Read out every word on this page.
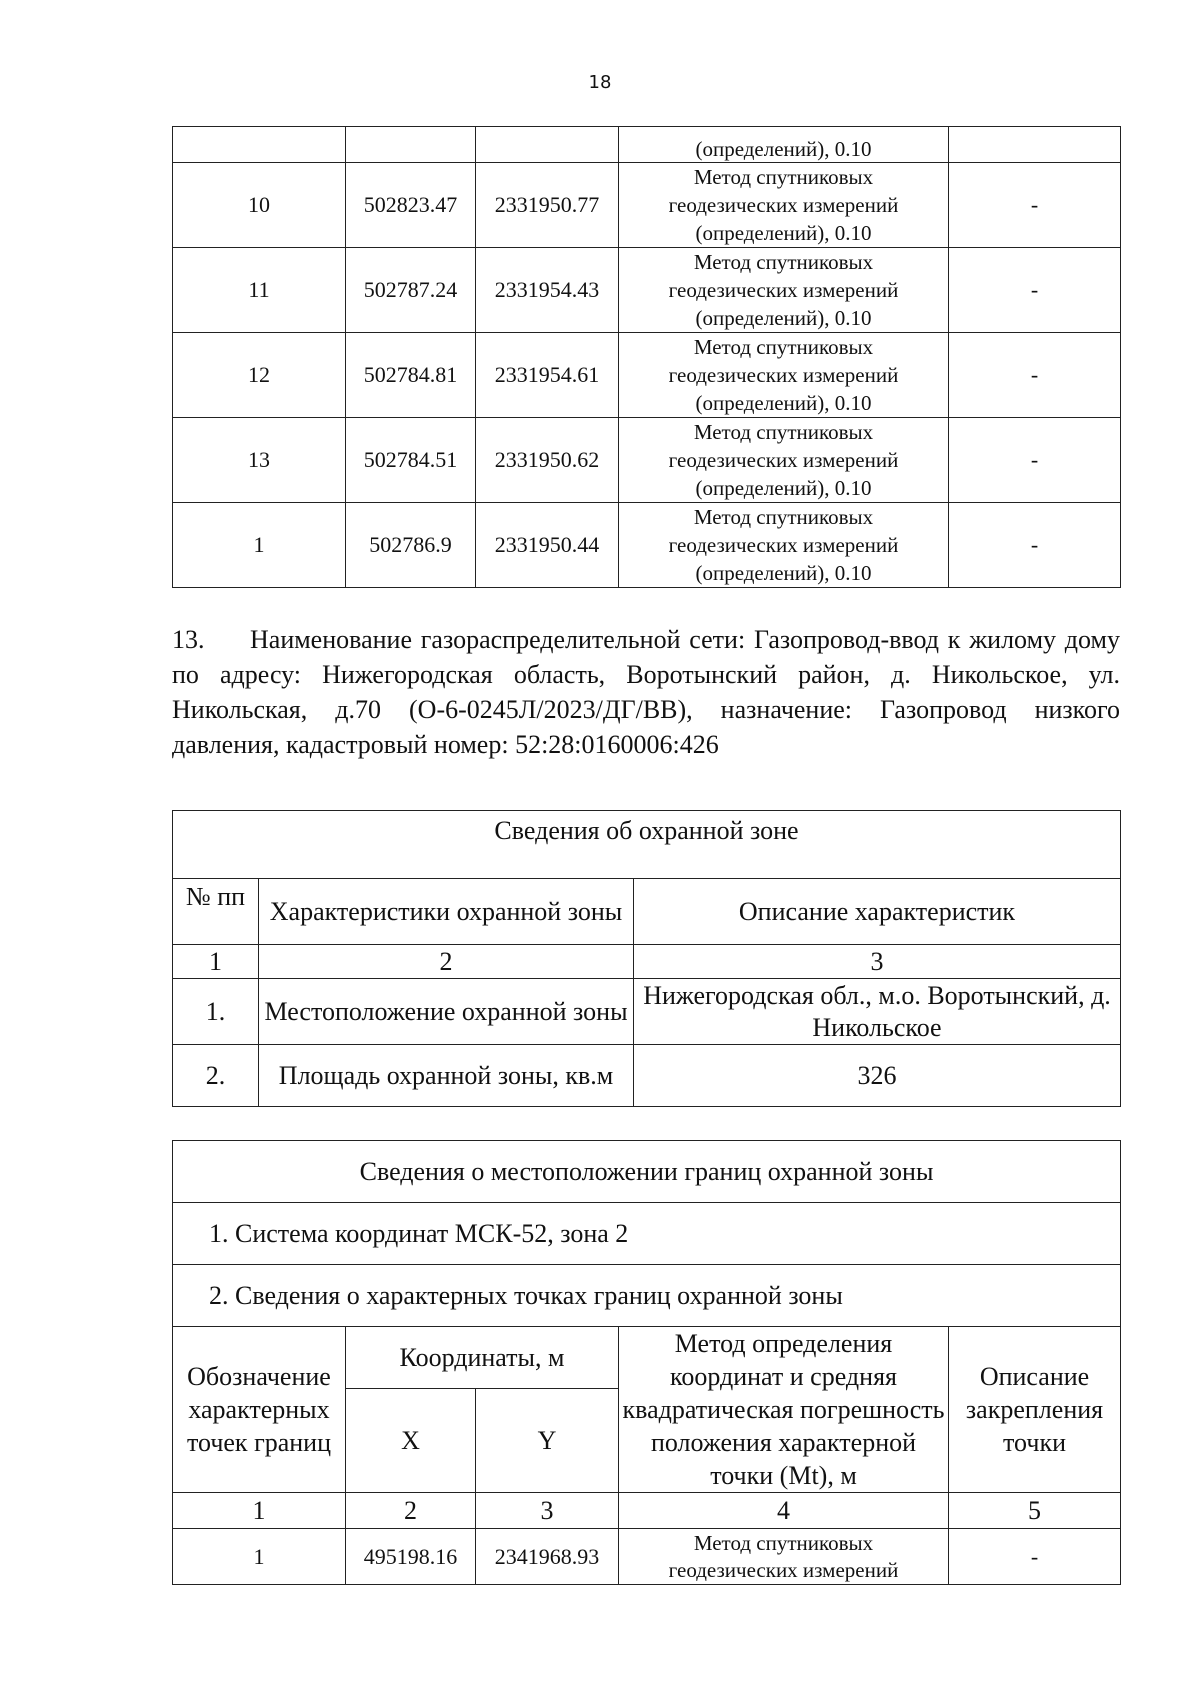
18
			(определений), 0.10	
10	502823.47	2331950.77	Метод спутниковых
геодезических измерений
(определений), 0.10	-
11	502787.24	2331954.43	Метод спутниковых
геодезических измерений
(определений), 0.10	-
12	502784.81	2331954.61	Метод спутниковых
геодезических измерений
(определений), 0.10	-
13	502784.51	2331950.62	Метод спутниковых
геодезических измерений
(определений), 0.10	-
1	502786.9	2331950.44	Метод спутниковых
геодезических измерений
(определений), 0.10	-
13. Наименование газораспределительной сети: Газопровод-ввод к жилому дому по адресу: Нижегородская область, Воротынский район, д. Никольское, ул. Никольская, д.70 (О-6-0245Л/2023/ДГ/ВВ), назначение: Газопровод низкого давления, кадастровый номер: 52:28:0160006:426
Сведения об охранной зоне		
№ пп	Характеристики охранной зоны	Описание характеристик
1	2	3
1.	Местоположение охранной зоны	Нижегородская обл., м.о. Воротынский, д. Никольское
2.	Площадь охранной зоны, кв.м	326
Сведения о местоположении границ охранной зоны				
1. Система координат МСК-52, зона 2				
2. Сведения о характерных точках границ охранной зоны				
Обозначение характерных точек границ	Координаты, м		Метод определения координат и средняя квадратическая погрешность положения характерной точки (Mt), м	Описание закрепления точки
	X	Y		
1	2	3	4	5
1	495198.16	2341968.93	Метод спутниковых
геодезических измерений	-
